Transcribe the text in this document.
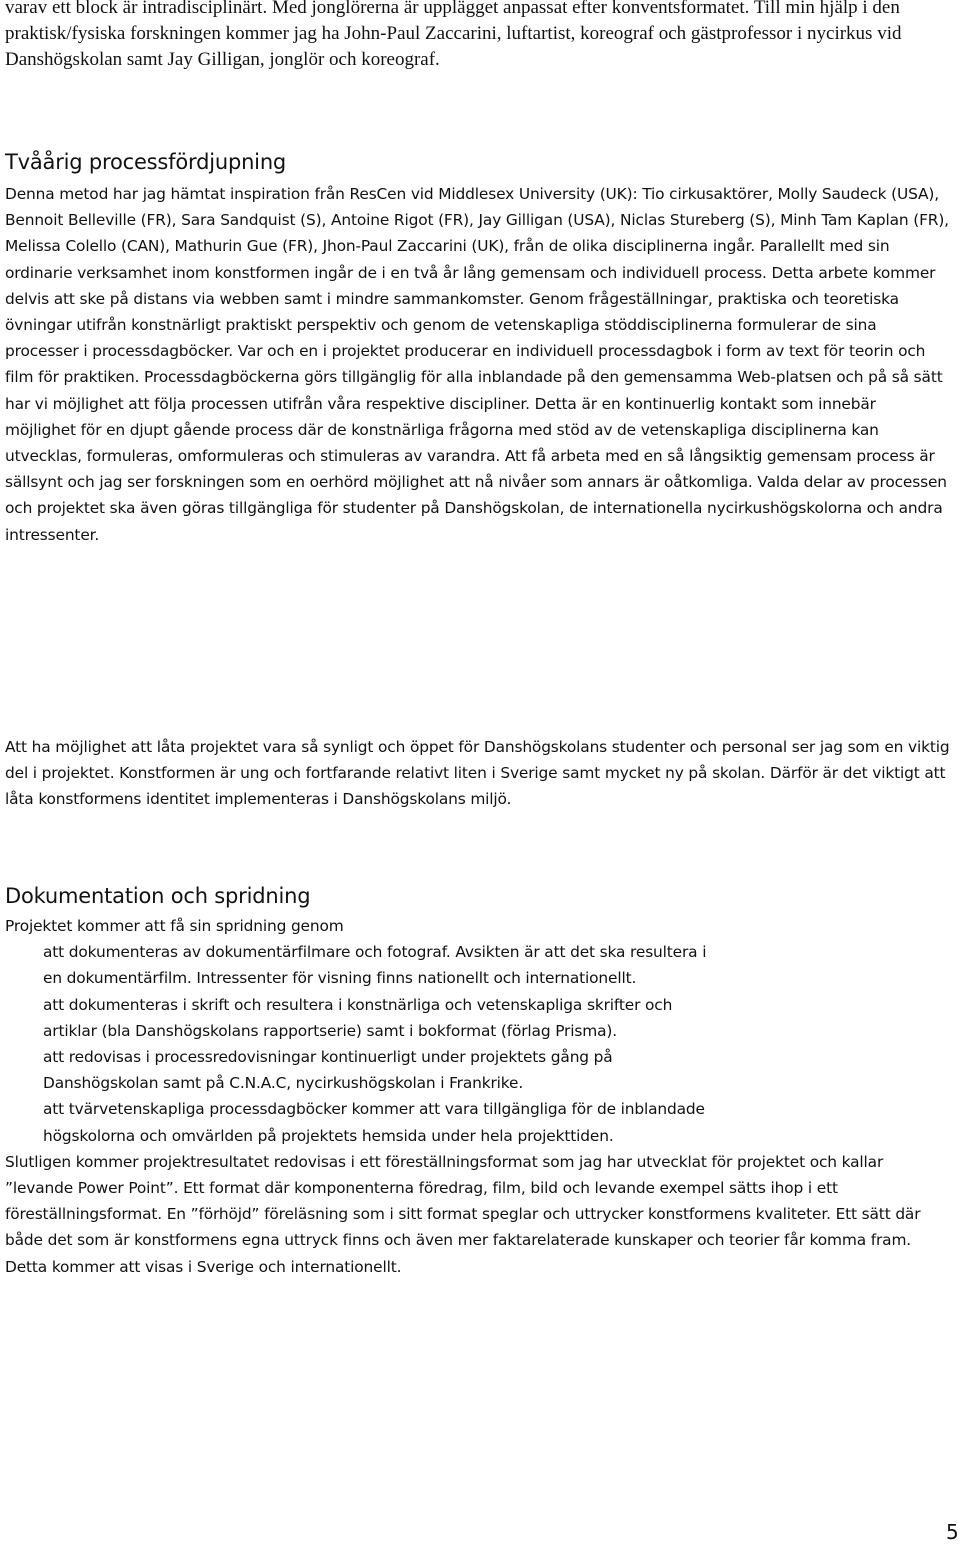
varav ett block är intradisciplinärt. Med jonglörerna är upplägget anpassat efter konventsformatet. Till min hjälp i den praktisk/fysiska forskningen kommer jag ha John-Paul Zaccarini, luftartist, koreograf och gästprofessor i nycirkus vid Danshögskolan samt Jay Gilligan, jonglör och koreograf.

Tvåårig processfördjupning

Denna metod har jag hämtat inspiration från ResCen vid Middlesex University (UK): Tio cirkusaktörer, Molly Saudeck (USA), Bennoit Belleville (FR), Sara Sandquist (S), Antoine Rigot (FR), Jay Gilligan (USA), Niclas Stureberg (S), Minh Tam Kaplan (FR), Melissa Colello (CAN), Mathurin Gue (FR), Jhon-Paul Zaccarini (UK), från de olika disciplinerna ingår. Parallellt med sin ordinarie verksamhet inom konstformen ingår de i en två år lång gemensam och individuell process. Detta arbete kommer delvis att ske på distans via webben samt i mindre sammankomster. Genom frågeställningar, praktiska och teoretiska övningar utifrån konstnärligt praktiskt perspektiv och genom de vetenskapliga stöddisciplinerna formulerar de sina processer i processdagböcker. Var och en i projektet producerar en individuell processdagbok i form av text för teorin och film för praktiken. Processdagböckerna görs tillgänglig för alla inblandade på den gemensamma Web-platsen och på så sätt har vi möjlighet att följa processen utifrån våra respektive discipliner. Detta är en kontinuerlig kontakt som innebär möjlighet för en djupt gående process där de konstnärliga frågorna med stöd av de vetenskapliga disciplinerna kan utvecklas, formuleras, omformuleras och stimuleras av varandra. Att få arbeta med en så långsiktig gemensam process är sällsynt och jag ser forskningen som en oerhörd möjlighet att nå nivåer som annars är oåtkomliga. Valda delar av processen och projektet ska även göras tillgängliga för studenter på Danshögskolan, de internationella nycirkushögskolorna och andra intressenter.

Att ha möjlighet att låta projektet vara så synligt och öppet för Danshögskolans studenter och personal ser jag som en viktig del i projektet. Konstformen är ung och fortfarande relativt liten i Sverige samt mycket ny på skolan. Därför är det viktigt att låta konstformens identitet implementeras i Danshögskolans miljö.

Dokumentation och spridning

Projektet kommer att få sin spridning genom

att dokumenteras av dokumentärfilmare och fotograf. Avsikten är att det ska resultera i
en dokumentärfilm. Intressenter för visning finns nationellt och internationellt.
att dokumenteras i skrift och resultera i konstnärliga och vetenskapliga skrifter och
artiklar (bla Danshögskolans rapportserie) samt i bokformat (förlag Prisma).
att redovisas i processredovisningar kontinuerligt under projektets gång på
Danshögskolan samt på C.N.A.C, nycirkushögskolan i Frankrike.
att tvärvetenskapliga processdagböcker kommer att vara tillgängliga för de inblandade
högskolorna och omvärlden på projektets hemsida under hela projekttiden.

Slutligen kommer projektresultatet redovisas i ett föreställningsformat som jag har utvecklat för projektet och kallar ”levande Power Point”. Ett format där komponenterna föredrag, film, bild och levande exempel sätts ihop i ett föreställningsformat. En ”förhöjd” föreläsning som i sitt format speglar och uttrycker konstformens kvaliteter. Ett sätt där både det som är konstformens egna uttryck finns och även mer faktarelaterade kunskaper och teorier får komma fram. Detta kommer att visas i Sverige och internationellt.

5
